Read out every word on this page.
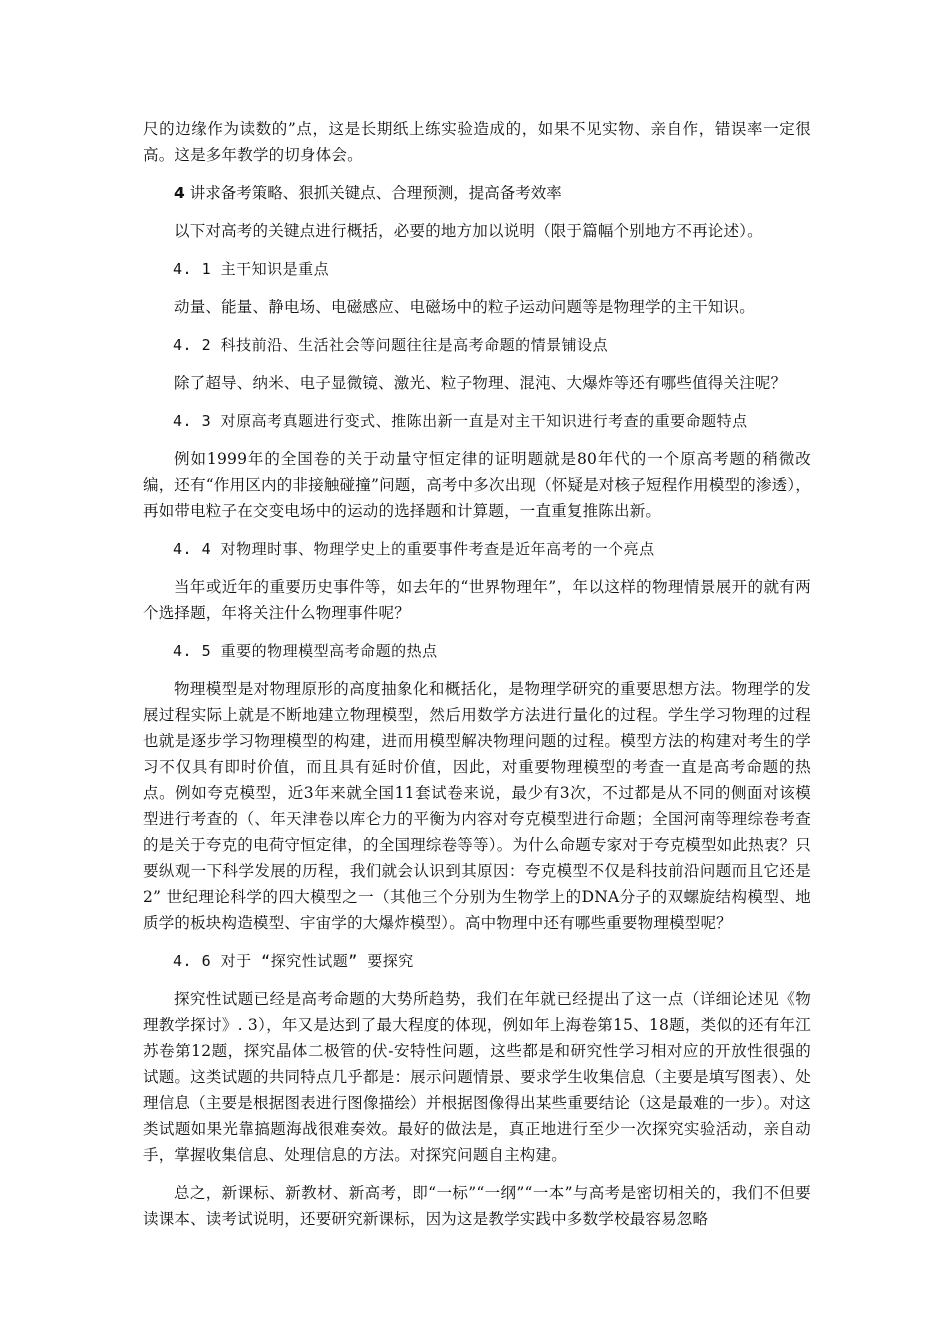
尺的边缘作为读数的”点，这是长期纸上练实验造成的，如果不见实物、亲自作，错误率一定很高。这是多年教学的切身体会。

4 讲求备考策略、狠抓关键点、合理预测，提高备考效率

以下对高考的关键点进行概括，必要的地方加以说明（限于篇幅个别地方不再论述）。

4. 1 主干知识是重点

动量、能量、静电场、电磁感应、电磁场中的粒子运动问题等是物理学的主干知识。

4. 2 科技前沿、生活社会等问题往往是高考命题的情景铺设点

除了超导、纳米、电子显微镜、激光、粒子物理、混沌、大爆炸等还有哪些值得关注呢？

4. 3 对原高考真题进行变式、推陈出新一直是对主干知识进行考查的重要命题特点

例如1999年的全国卷的关于动量守恒定律的证明题就是80年代的一个原高考题的稍微改编，还有“作用区内的非接触碰撞”问题，高考中多次出现（怀疑是对核子短程作用模型的渗透），再如带电粒子在交变电场中的运动的选择题和计算题，一直重复推陈出新。

4. 4 对物理时事、物理学史上的重要事件考查是近年高考的一个亮点

当年或近年的重要历史事件等，如去年的“世界物理年”，年以这样的物理情景展开的就有两个选择题，年将关注什么物理事件呢？

4. 5 重要的物理模型高考命题的热点

物理模型是对物理原形的高度抽象化和概括化，是物理学研究的重要思想方法。物理学的发展过程实际上就是不断地建立物理模型，然后用数学方法进行量化的过程。学生学习物理的过程也就是逐步学习物理模型的构建，进而用模型解决物理问题的过程。模型方法的构建对考生的学习不仅具有即时价值，而且具有延时价值，因此，对重要物理模型的考查一直是高考命题的热点。例如夸克模型，近3年来就全国11套试卷来说，最少有3次，不过都是从不同的侧面对该模型进行考查的（、年天津卷以库仑力的平衡为内容对夸克模型进行命题；全国河南等理综卷考查的是关于夸克的电荷守恒定律，的全国理综卷等等）。为什么命题专家对于夸克模型如此热衷？只要纵观一下科学发展的历程，我们就会认识到其原因：夸克模型不仅是科技前沿问题而且它还是2” 世纪理论科学的四大模型之一（其他三个分别为生物学上的DNA分子的双螺旋结构模型、地质学的板块构造模型、宇宙学的大爆炸模型）。高中物理中还有哪些重要物理模型呢？

4. 6 对于 “探究性试题” 要探究

探究性试题已经是高考命题的大势所趋势，我们在年就已经提出了这一点（详细论述见《物理教学探讨》. 3），年又是达到了最大程度的体现，例如年上海卷第15、18题，类似的还有年江苏卷第12题，探究晶体二极管的伏-安特性问题，这些都是和研究性学习相对应的开放性很强的试题。这类试题的共同特点几乎都是：展示问题情景、要求学生收集信息（主要是填写图表）、处理信息（主要是根据图表进行图像描绘）并根据图像得出某些重要结论（这是最难的一步）。对这类试题如果光靠搞题海战很难奏效。最好的做法是，真正地进行至少一次探究实验活动，亲自动手，掌握收集信息、处理信息的方法。对探究问题自主构建。

总之，新课标、新教材、新高考，即“一标”“一纲”“一本”与高考是密切相关的，我们不但要读课本、读考试说明，还要研究新课标，因为这是教学实践中多数学校最容易忽略
